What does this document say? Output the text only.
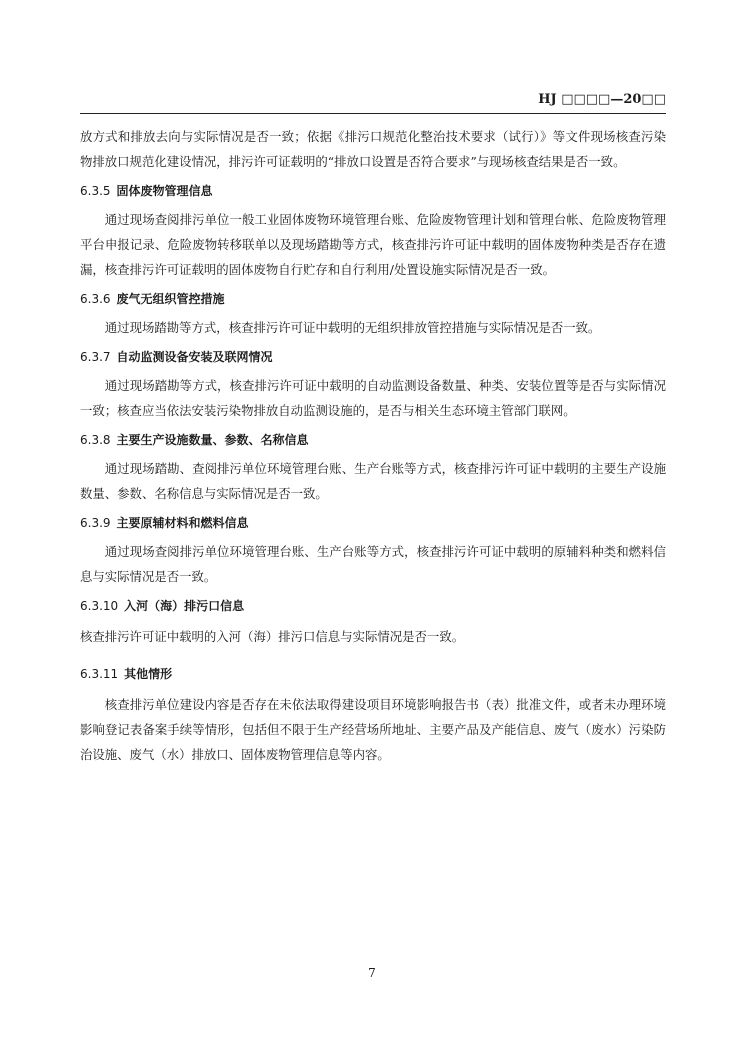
HJ □□□□—20□□

放方式和排放去向与实际情况是否一致；依据《排污口规范化整治技术要求（试行）》等文件现场核查污染物排放口规范化建设情况，排污许可证载明的“排放口设置是否符合要求”与现场核查结果是否一致。

6.3.5 固体废物管理信息

通过现场查阅排污单位一般工业固体废物环境管理台账、危险废物管理计划和管理台帐、危险废物管理平台申报记录、危险废物转移联单以及现场踏勘等方式，核查排污许可证中载明的固体废物种类是否存在遗漏，核查排污许可证载明的固体废物自行贮存和自行利用/处置设施实际情况是否一致。

6.3.6 废气无组织管控措施

通过现场踏勘等方式，核查排污许可证中载明的无组织排放管控措施与实际情况是否一致。

6.3.7 自动监测设备安装及联网情况

通过现场踏勘等方式，核查排污许可证中载明的自动监测设备数量、种类、安装位置等是否与实际情况一致；核查应当依法安装污染物排放自动监测设施的，是否与相关生态环境主管部门联网。

6.3.8 主要生产设施数量、参数、名称信息

通过现场踏勘、查阅排污单位环境管理台账、生产台账等方式，核查排污许可证中载明的主要生产设施数量、参数、名称信息与实际情况是否一致。

6.3.9 主要原辅材料和燃料信息

通过现场查阅排污单位环境管理台账、生产台账等方式，核查排污许可证中载明的原辅料种类和燃料信息与实际情况是否一致。

6.3.10 入河（海）排污口信息

核查排污许可证中载明的入河（海）排污口信息与实际情况是否一致。

6.3.11 其他情形

核查排污单位建设内容是否存在未依法取得建设项目环境影响报告书（表）批准文件，或者未办理环境影响登记表备案手续等情形，包括但不限于生产经营场所地址、主要产品及产能信息、废气（废水）污染防治设施、废气（水）排放口、固体废物管理信息等内容。

7
